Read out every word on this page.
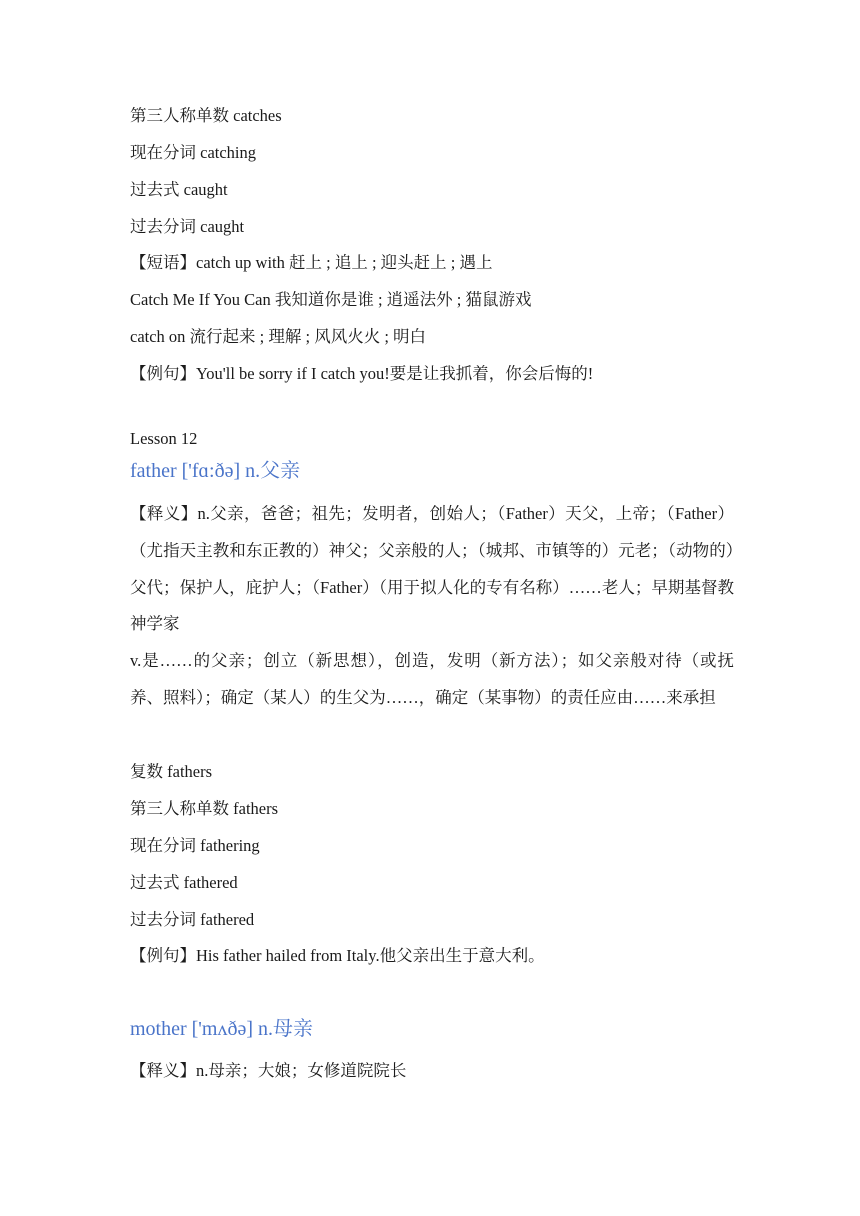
第三人称单数 catches
现在分词 catching
过去式 caught
过去分词 caught
【短语】catch up with 赶上 ; 追上 ; 迎头赶上 ; 遇上
Catch Me If You Can 我知道你是谁 ; 逍遥法外 ; 猫鼠游戏
catch on 流行起来 ; 理解 ; 风风火火 ; 明白
【例句】You'll be sorry if I catch you!要是让我抓着，你会后悔的!
Lesson 12
father ['fɑ:ðə] n.父亲
【释义】n.父亲，爸爸；祖先；发明者，创始人；（Father）天父，上帝；（Father）（尤指天主教和东正教的）神父；父亲般的人；（城邦、市镇等的）元老；（动物的）父代；保护人，庇护人；（Father）（用于拟人化的专有名称）……老人；早期基督教神学家
v.是……的父亲；创立（新思想），创造，发明（新方法）；如父亲般对待（或抚养、照料）；确定（某人）的生父为……，确定（某事物）的责任应由……来承担
复数 fathers
第三人称单数 fathers
现在分词 fathering
过去式 fathered
过去分词 fathered
【例句】His father hailed from Italy.他父亲出生于意大利。
mother ['mʌðə] n.母亲
【释义】n.母亲；大娘；女修道院院长
